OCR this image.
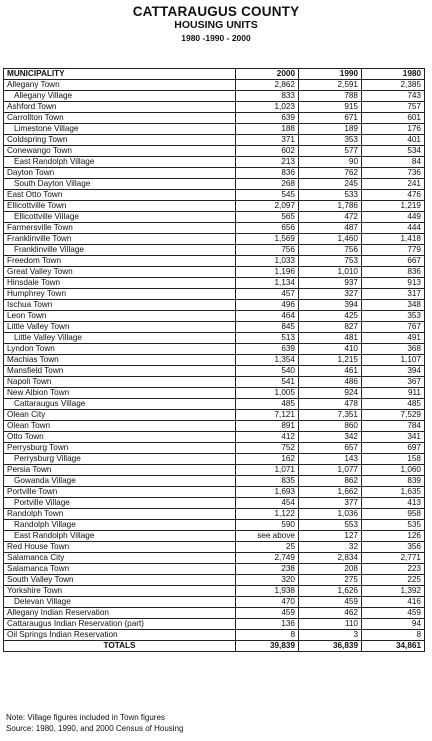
CATTARAUGUS COUNTY
HOUSING UNITS
1980 -1990 - 2000
MUNICIPALITY	2000	1990	1980
Allegany Town	2,862	2,591	2,385
Allegany Village	833	788	743
Ashford Town	1,023	915	757
Carrollton Town	639	671	601
Limestone Village	188	189	176
Coldspring Town	371	353	401
Conewango Town	602	577	534
East Randolph Village	213	90	84
Dayton Town	836	762	736
South Dayton Village	268	245	241
East Otto Town	545	533	476
Ellicottville Town	2,097	1,786	1,219
Ellicottville Village	565	472	449
Farmersville Town	656	487	444
Franklinville Town	1,569	1,460	1,418
Franklinville Village	756	756	779
Freedom Town	1,033	753	667
Great Valley Town	1,196	1,010	836
Hinsdale Town	1,134	937	913
Humphrey Town	457	327	317
Ischua Town	496	394	348
Leon Town	464	425	353
Little Valley Town	845	827	767
Little Valley Village	513	481	491
Lyndon Town	639	410	368
Machias Town	1,354	1,215	1,107
Mansfield Town	540	461	394
Napoli Town	541	486	367
New Albion Town	1,005	924	911
Cattaraugus Village	485	478	485
Olean City	7,121	7,351	7,529
Olean Town	891	860	784
Otto Town	412	342	341
Perrysburg Town	752	657	697
Perrysburg Village	162	143	158
Persia Town	1,071	1,077	1,060
Gowanda Village	835	862	839
Portville Town	1,693	1,662	1,635
Portville Village	454	377	413
Randolph Town	1,122	1,036	958
Randolph Village	590	553	535
East Randolph Village	see above	127	126
Red House Town	25	32	356
Salamanca City	2,749	2,834	2,771
Salamanca Town	238	208	223
South Valley Town	320	275	225
Yorkshire Town	1,938	1,626	1,392
Delevan Village	470	459	416
Allegany Indian Reservation	459	462	459
Cattaraugus Indian Reservation (part)	136	110	94
Oil Springs Indian Reservation	8	3	8
TOTALS	39,839	36,839	34,861
Note: Village figures included in Town figures
Source: 1980, 1990, and 2000 Census of Housing
